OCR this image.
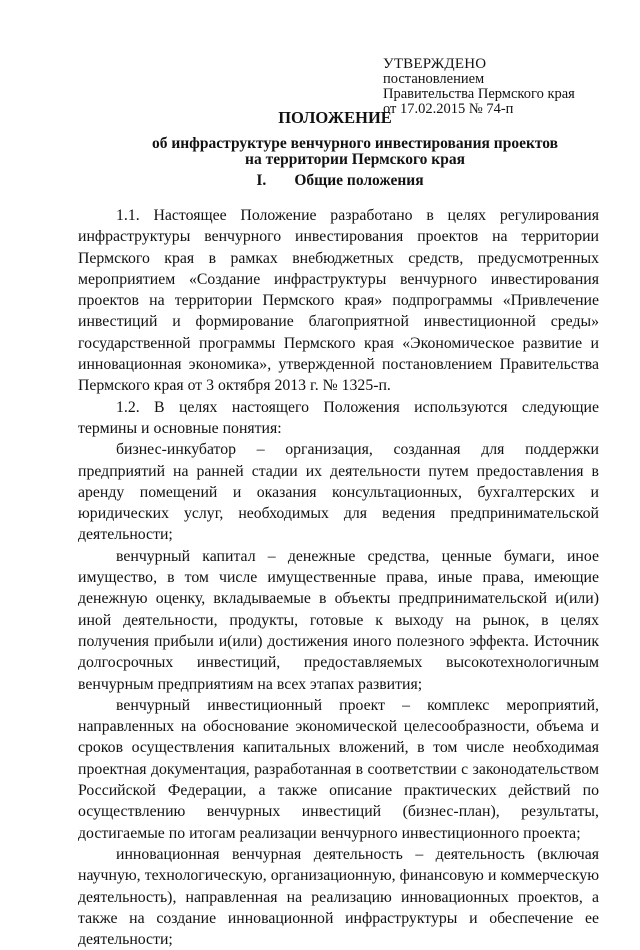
УТВЕРЖДЕНО
постановлением
Правительства Пермского края
от 17.02.2015 № 74-п
ПОЛОЖЕНИЕ
об инфраструктуре венчурного инвестирования проектов
на территории Пермского края
I. Общие положения

1.1. Настоящее Положение разработано в целях регулирования инфраструктуры венчурного инвестирования проектов на территории Пермского края в рамках внебюджетных средств, предусмотренных мероприятием «Создание инфраструктуры венчурного инвестирования проектов на территории Пермского края» подпрограммы «Привлечение инвестиций и формирование благоприятной инвестиционной среды» государственной программы Пермского края «Экономическое развитие и инновационная экономика», утвержденной постановлением Правительства Пермского края от 3 октября 2013 г. № 1325-п.

1.2. В целях настоящего Положения используются следующие термины и основные понятия:

бизнес-инкубатор – организация, созданная для поддержки предприятий на ранней стадии их деятельности путем предоставления в аренду помещений и оказания консультационных, бухгалтерских и юридических услуг, необходимых для ведения предпринимательской деятельности;

венчурный капитал – денежные средства, ценные бумаги, иное имущество, в том числе имущественные права, иные права, имеющие денежную оценку, вкладываемые в объекты предпринимательской и(или) иной деятельности, продукты, готовые к выходу на рынок, в целях получения прибыли и(или) достижения иного полезного эффекта. Источник долгосрочных инвестиций, предоставляемых высокотехнологичным венчурным предприятиям на всех этапах развития;

венчурный инвестиционный проект – комплекс мероприятий, направленных на обоснование экономической целесообразности, объема и сроков осуществления капитальных вложений, в том числе необходимая проектная документация, разработанная в соответствии с законодательством Российской Федерации, а также описание практических действий по осуществлению венчурных инвестиций (бизнес-план), результаты, достигаемые по итогам реализации венчурного инвестиционного проекта;

инновационная венчурная деятельность – деятельность (включая научную, технологическую, организационную, финансовую и коммерческую деятельность), направленная на реализацию инновационных проектов, а также на создание инновационной инфраструктуры и обеспечение ее деятельности;
